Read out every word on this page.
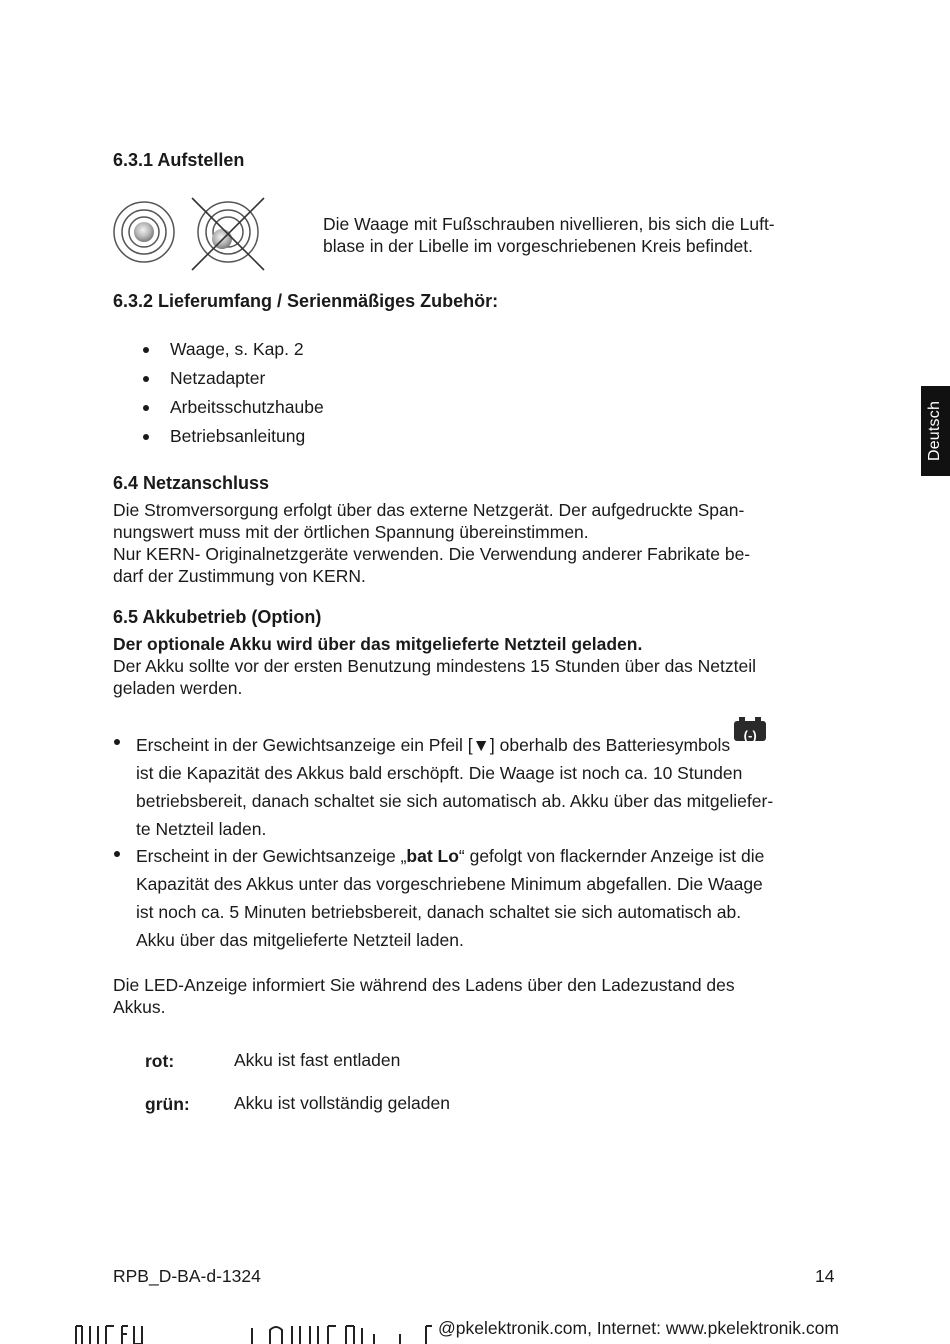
Deutsch
6.3.1 Aufstellen
Die Waage mit Fußschrauben nivellieren, bis sich die Luft-
blase in der Libelle im vorgeschriebenen Kreis befindet.
6.3.2 Lieferumfang / Serienmäßiges Zubehör:
Waage, s. Kap. 2
Netzadapter
Arbeitsschutzhaube
Betriebsanleitung
6.4 Netzanschluss
Die Stromversorgung erfolgt über das externe Netzgerät. Der aufgedruckte Span-
nungswert muss mit der örtlichen Spannung übereinstimmen.
Nur KERN- Originalnetzgeräte verwenden. Die Verwendung anderer Fabrikate be-
darf der Zustimmung von KERN.
6.5 Akkubetrieb (Option)
Der optionale Akku wird über das mitgelieferte Netzteil geladen.
Der Akku sollte vor der ersten Benutzung mindestens 15 Stunden über das Netzteil
geladen werden.
Erscheint in der Gewichtsanzeige ein Pfeil [▼] oberhalb des Batteriesymbols	(-)
ist die Kapazität des Akkus bald erschöpft. Die Waage ist noch ca. 10 Stunden
betriebsbereit, danach schaltet sie sich automatisch ab. Akku über das mitgeliefer-
te Netzteil laden.
Erscheint in der Gewichtsanzeige „bat Lo“ gefolgt von flackernder Anzeige ist die
Kapazität des Akkus unter das vorgeschriebene Minimum abgefallen. Die Waage
ist noch ca. 5 Minuten betriebsbereit, danach schaltet sie sich automatisch ab.
Akku über das mitgelieferte Netzteil laden.
Die LED-Anzeige informiert Sie während des Ladens über den Ladezustand des
Akkus.
rot:	Akku ist fast entladen
grün:	Akku ist vollständig geladen
RPB_D-BA-d-1324	14
@pkelektronik.com, Internet: www.pkelektronik.com
